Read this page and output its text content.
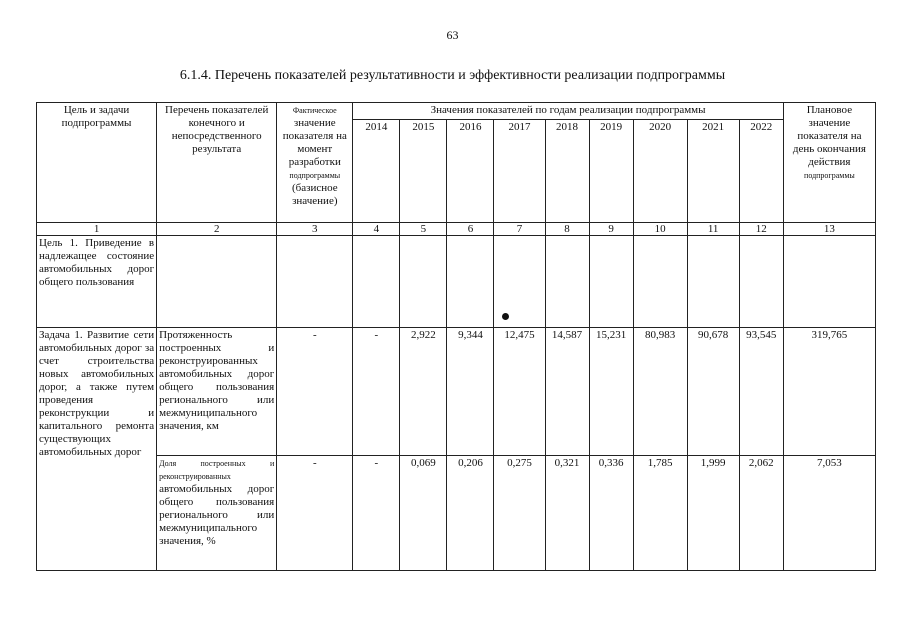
63
6.1.4. Перечень показателей результативности и эффективности реализации подпрограммы
Цель и задачи подпрограммы	Перечень показателей конечного и непосредственного результата	Фактическое
значение показателя на момент разработки
подпрограммы
(базисное значение)	Значения показателей по годам реализации подпрограммы									Плановое значение показателя на день окончания действия
подпрограммы
			2014	2015	2016	2017	2018	2019	2020	2021	2022	
1	2	3	4	5	6	7	8	9	10	11	12	13
Цель 1. Приведение в надлежащее состояние автомобильных дорог общего пользования												
Задача 1. Развитие сети автомобильных дорог за счет строительства новых автомобильных дорог, а также путем проведения реконструкции и капитального ремонта существующих автомобильных дорог	Протяженность построенных и реконструированных автомобильных дорог общего пользования регионального или межмуниципального значения, км	-	-	2,922	9,344	12,475	14,587	15,231	80,983	90,678	93,545	319,765
	Доля построенных и реконструированных автомобильных дорог общего пользования регионального или межмуниципального значения, %	-	-	0,069	0,206	0,275	0,321	0,336	1,785	1,999	2,062	7,053
